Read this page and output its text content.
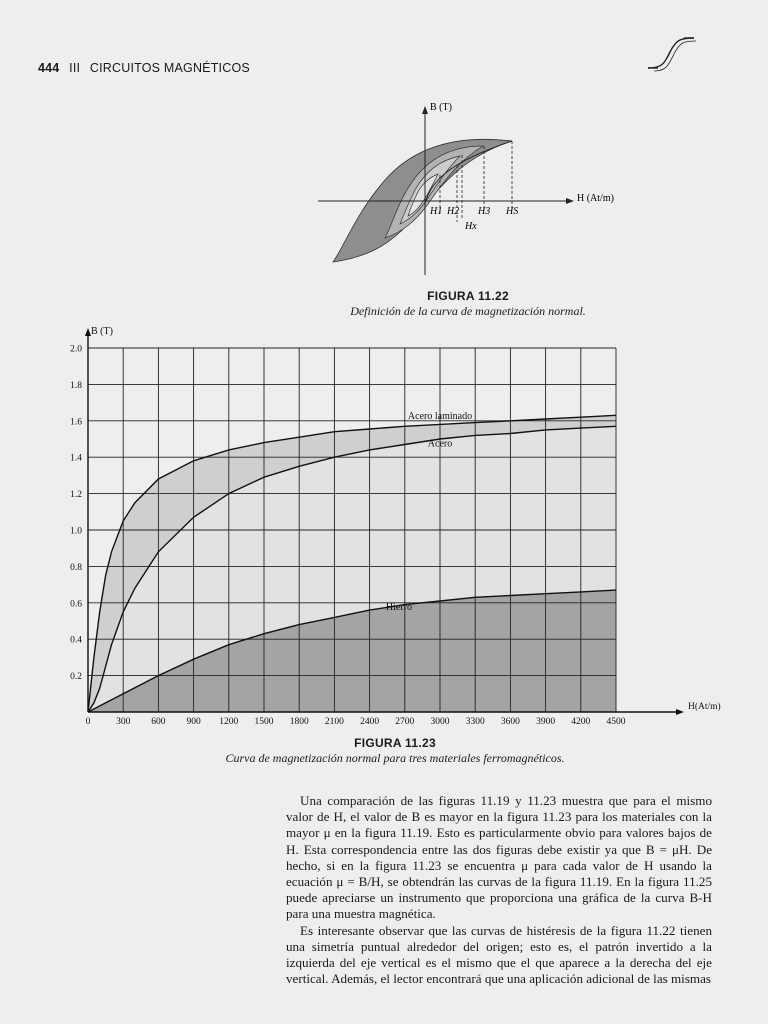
444 III CIRCUITOS MAGNÉTICOS
B (T)
H (At/m)
H1 H2 H3 HS
Hx
FIGURA 11.22
Definición de la curva de magnetización normal.
0	300 600 900 1200 1500 1800 2100 2400 2700 3000 3300 3600 3900 4200 4500
0.2
0.4
0.6
0.8
1.0
1.2
1.4
1.6
1.8
2.0
B (T)
H(At/m)
Acero laminado
Acero
Hierro
FIGURA 11.23
Curva de magnetización normal para tres materiales ferromagnéticos.

Una comparación de las figuras 11.19 y 11.23 muestra que para el mismo valor de H, el valor de B es mayor en la figura 11.23 para los materiales con la mayor μ en la figura 11.19. Esto es particularmente obvio para valores bajos de H. Esta correspondencia entre las dos figuras debe existir ya que B = μH. De hecho, si en la figura 11.23 se encuentra μ para cada valor de H usando la ecuación μ = B/H, se obtendrán las curvas de la figura 11.19. En la figura 11.25 puede apreciarse un instrumento que proporciona una gráfica de la curva B-H para una muestra magnética.

Es interesante observar que las curvas de histéresis de la figura 11.22 tienen una simetría puntual alrededor del origen; esto es, el patrón invertido a la izquierda del eje vertical es el mismo que el que aparece a la derecha del eje vertical. Además, el lector encontrará que una aplicación adicional de las mismas
